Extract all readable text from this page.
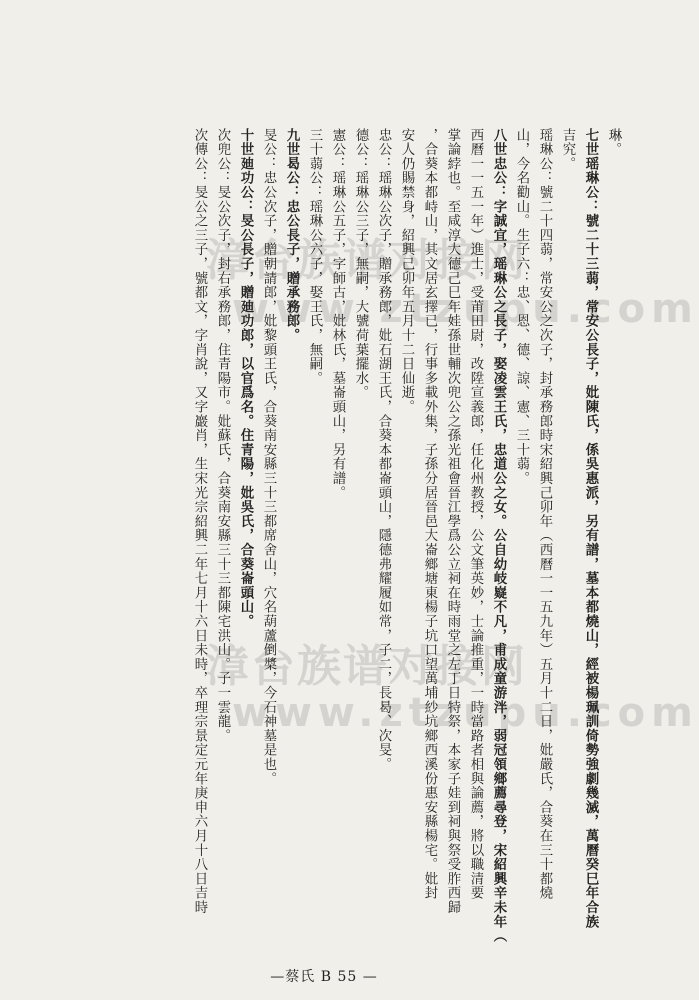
漳台族谱对接网
www.ztzupu.com
漳台族谱对接网
www.ztzupu.com
琳。
七世瑶琳公：號二十三蒻，常安公長子，妣陳氏，係吳惠派，另有譜，墓本都燒山，經被楊珮訓倚勢強劇幾滅，萬曆癸巳年合族
吉究。
瑶琳公：號二十四蒻，常安公之次子，封承務郎時宋紹興己卯年（西曆一一五九年）五月十二日，妣嚴氏，合葵在三十都燒
山，今名勸山。生子六：忠、恩、德、諒、憲、三十蒻。
八世忠公：字誠宜，瑶琳公之長子，娶凌雲王氏，忠道公之女。公自幼岐嶷不凡，甫成童游泮，弱冠領鄉薦尋登，宋紹興辛未年（
西曆一一五一年）進士，受莆田尉，改陞宣義郎，任化州教授，公文筆英妙，士論推重，一時當路者相與論薦，將以職清要
掌論綍也。至咸淳大德己巳年娃孫世輔次兜公之孫光祖會晉江學爲公立祠在時雨堂之左丁日特祭，本家子娃到祠與祭受胙西歸
，合葵本都峙山，其文居玄擇已，行事多載外集，子孫分居晉邑大崙鄉塘東楊子坑口望萬埔紗坑鄉西溪份惠安縣楊宅。妣封
安人仍賜禁身，紹興己卯年五月十二日仙逝。
忠公：瑶琳公次子，贈承務郎，妣石湖王氏，合葵本都崙頭山，隱德弗耀履如常，子二，長曷、次旻。
德公：瑶琳公三子，無嗣，大號荷葉擺水。
憲公：瑶琳公五子，字師古，妣林氏，墓崙頭山，另有譜。
三十蒻公：瑶琳公六子，娶王氏，無嗣。
九世曷公：忠公長子，贈承務郎。
旻公：忠公次子，贈朝請郎，妣黎頭王氏，合葵南安縣三十三都席舍山，穴名葫蘆倒槳，今石神墓是也。
十世廸功公：旻公長子，贈廸功郎，以官爲名。住青陽，妣吳氏，合葵崙頭山。
次兜公：旻公次子，封右承務郎，住青陽市。妣蘇氏，合葵南安縣三十三都陳宅洪山。子一雲龍。
次傳公：旻公之三子，號都文，字肖說，又字巖肖，生宋光宗紹興二年七月十六日未時，卒理宗景定元年庚申六月十八日吉時
—蔡氏 B 55 —
